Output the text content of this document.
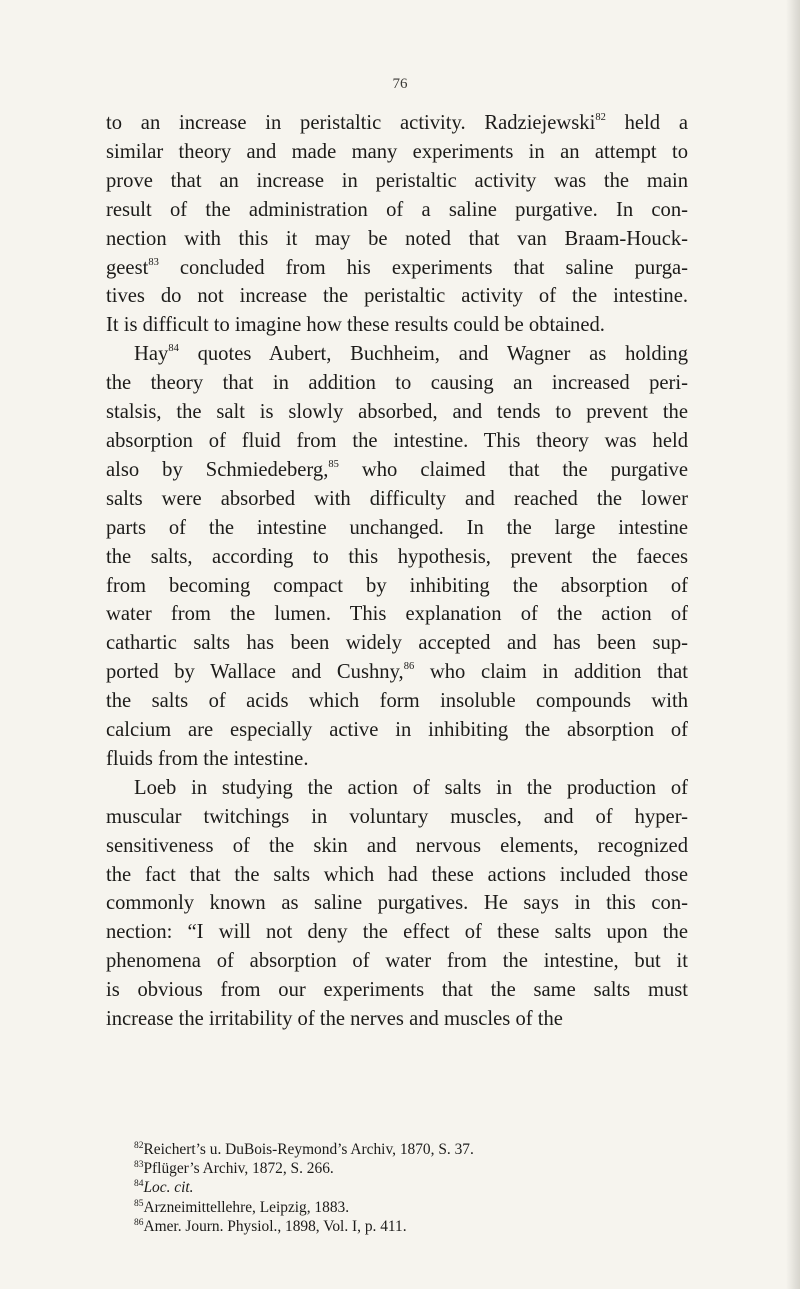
76

to an increase in peristaltic activity. Radziejewski$^{82}$ held a
similar theory and made many experiments in an attempt to
prove that an increase in peristaltic activity was the main
result of the administration of a saline purgative. In con-
nection with this it may be noted that van Braam-Houck-
geest$^{83}$ concluded from his experiments that saline purga-
tives do not increase the peristaltic activity of the intestine.
It is difficult to imagine how these results could be obtained.

Hay$^{84}$ quotes Aubert, Buchheim, and Wagner as holding
the theory that in addition to causing an increased peri-
stalsis, the salt is slowly absorbed, and tends to prevent the
absorption of fluid from the intestine. This theory was held
also by Schmiedeberg,$^{85}$ who claimed that the purgative
salts were absorbed with difficulty and reached the lower
parts of the intestine unchanged. In the large intestine
the salts, according to this hypothesis, prevent the faeces
from becoming compact by inhibiting the absorption of
water from the lumen. This explanation of the action of
cathartic salts has been widely accepted and has been sup-
ported by Wallace and Cushny,$^{86}$ who claim in addition that
the salts of acids which form insoluble compounds with
calcium are especially active in inhibiting the absorption of
fluids from the intestine.

Loeb in studying the action of salts in the production of
muscular twitchings in voluntary muscles, and of hyper-
sensitiveness of the skin and nervous elements, recognized
the fact that the salts which had these actions included those
commonly known as saline purgatives. He says in this con-
nection: “I will not deny the effect of these salts upon the
phenomena of absorption of water from the intestine, but it
is obvious from our experiments that the same salts must
increase the irritability of the nerves and muscles of the

$^{82}$Reichert’s u. DuBois-Reymond’s Archiv, 1870, S. 37.
$^{83}$Pflüger’s Archiv, 1872, S. 266.
$^{84}$Loc. cit.
$^{85}$Arzneimittellehre, Leipzig, 1883.
$^{86}$Amer. Journ. Physiol., 1898, Vol. I, p. 411.
